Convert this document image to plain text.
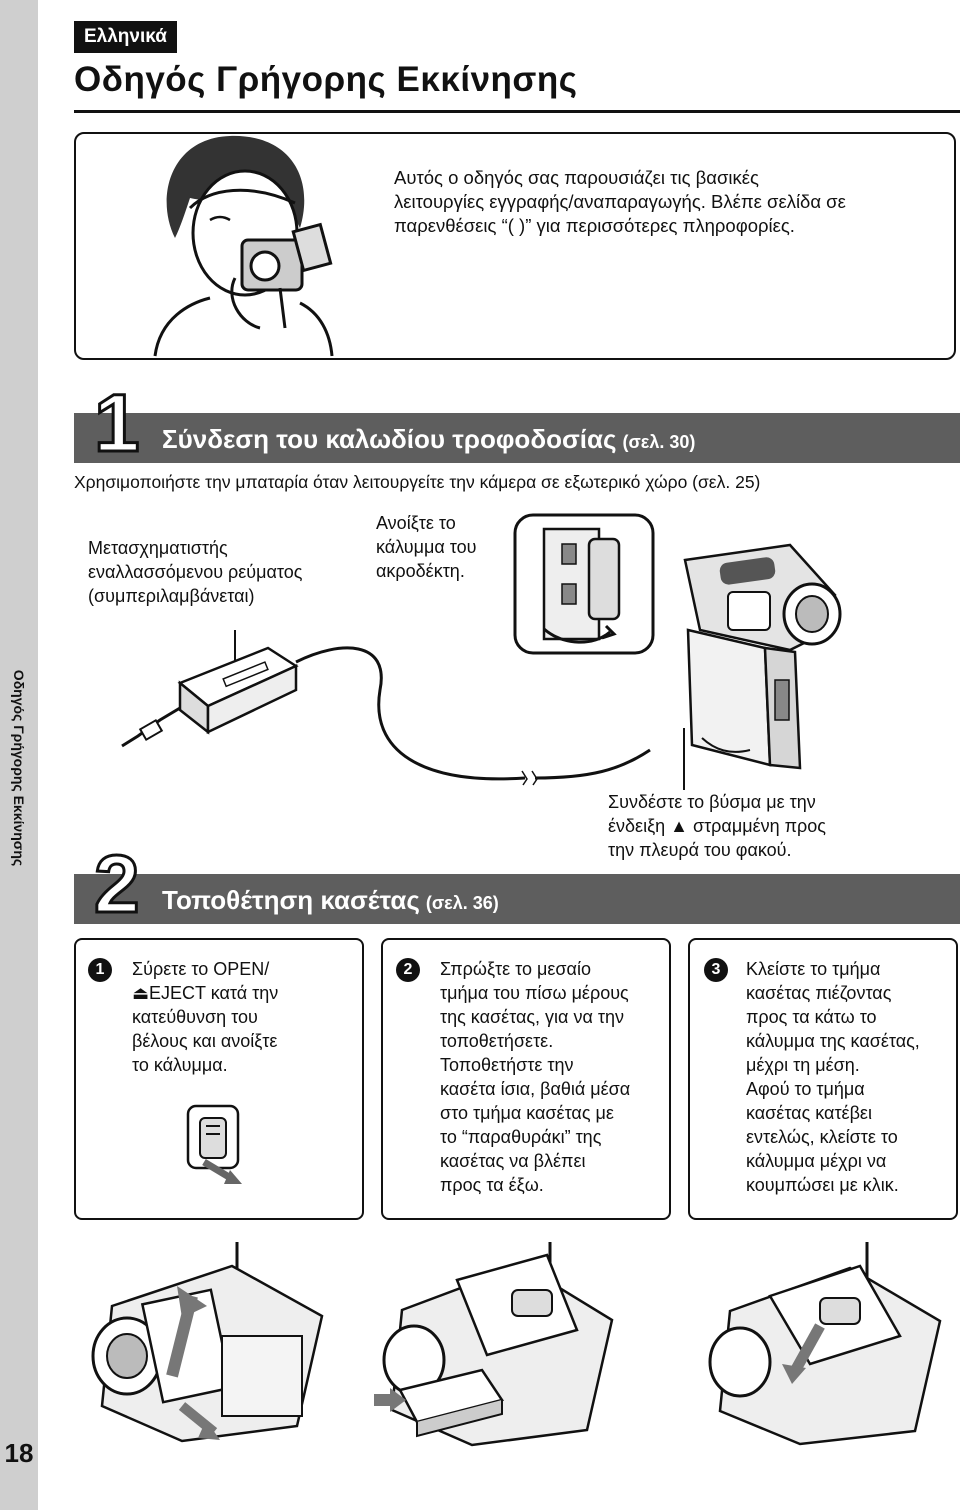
Οδηγός Γρήγορης Εκκίνησης
18
Ελληνικά
Οδηγός Γρήγορης Εκκίνησης
Αυτός ο οδηγός σας παρουσιάζει τις βασικές
λειτουργίες εγγραφής/αναπαραγωγής. Βλέπε σελίδα σε
παρενθέσεις “( )” για περισσότερες πληροφορίες.
1 Σύνδεση του καλωδίου τροφοδοσίας (σελ. 30)
Χρησιμοποιήστε την μπαταρία όταν λειτουργείτε την κάμερα σε εξωτερικό χώρο (σελ. 25)
Μετασχηματιστής
εναλλασσόμενου ρεύματος
(συμπεριλαμβάνεται)
Ανοίξτε το
κάλυμμα του
ακροδέκτη.
Συνδέστε το βύσμα με την
ένδειξη ▲ στραμμένη προς
την πλευρά του φακού.
2 Τοποθέτηση κασέτας (σελ. 36)
1	Σύρετε το OPEN/
⏏EJECT κατά την
κατεύθυνση του
βέλους και ανοίξτε
το κάλυμμα.
2	Σπρώξτε το μεσαίο
τμήμα του πίσω μέρους
της κασέτας, για να την
τοποθετήσετε.
Τοποθετήστε την
κασέτα ίσια, βαθιά μέσα
στο τμήμα κασέτας με
το “παραθυράκι” της
κασέτας να βλέπει
προς τα έξω.
3	Κλείστε το τμήμα
κασέτας πιέζοντας
προς τα κάτω το
κάλυμμα της κασέτας,
μέχρι τη μέση.
Αφού το τμήμα
κασέτας κατέβει
εντελώς, κλείστε το
κάλυμμα μέχρι να
κουμπώσει με κλικ.
